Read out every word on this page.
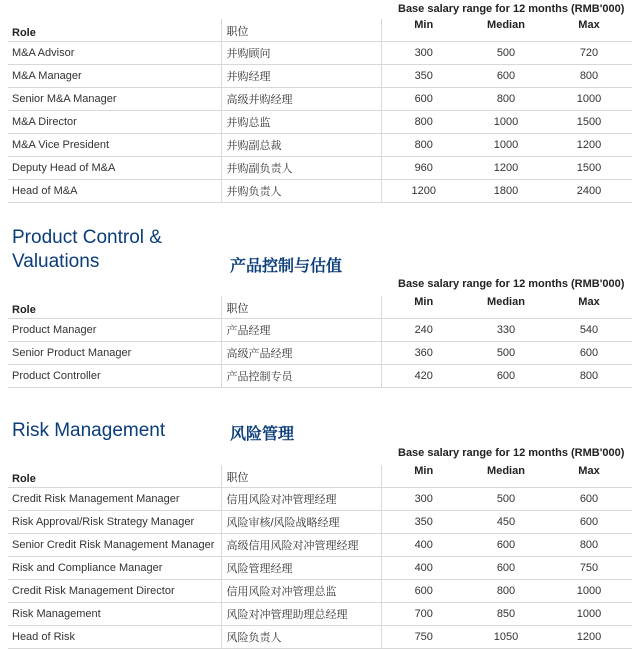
Base salary range for 12 months (RMB'000)
Role	职位	Min	Median	Max
M&A Advisor	并购顾问	300	500	720
M&A Manager	并购经理	350	600	800
Senior M&A Manager	高级并购经理	600	800	1000
M&A Director	并购总监	800	1000	1500
M&A Vice President	并购副总裁	800	1000	1200
Deputy Head of M&A	并购副负责人	960	1200	1500
Head of M&A	并购负责人	1200	1800	2400
Product Control &
Valuations	产品控制与估值
Base salary range for 12 months (RMB'000)
Role	职位	Min	Median	Max
Product Manager	产品经理	240	330	540
Senior Product Manager	高级产品经理	360	500	600
Product Controller	产品控制专员	420	600	800
Risk Management	风险管理
Base salary range for 12 months (RMB'000)
Role	职位	Min	Median	Max
Credit Risk Management Manager	信用风险对冲管理经理	300	500	600
Risk Approval/Risk Strategy Manager	风险审核/风险战略经理	350	450	600
Senior Credit Risk Management Manager	高级信用风险对冲管理经理	400	600	800
Risk and Compliance Manager	风险管理经理	400	600	750
Credit Risk Management Director	信用风险对冲管理总监	600	800	1000
Risk Management	风险对冲管理助理总经理	700	850	1000
Head of Risk	风险负责人	750	1050	1200
